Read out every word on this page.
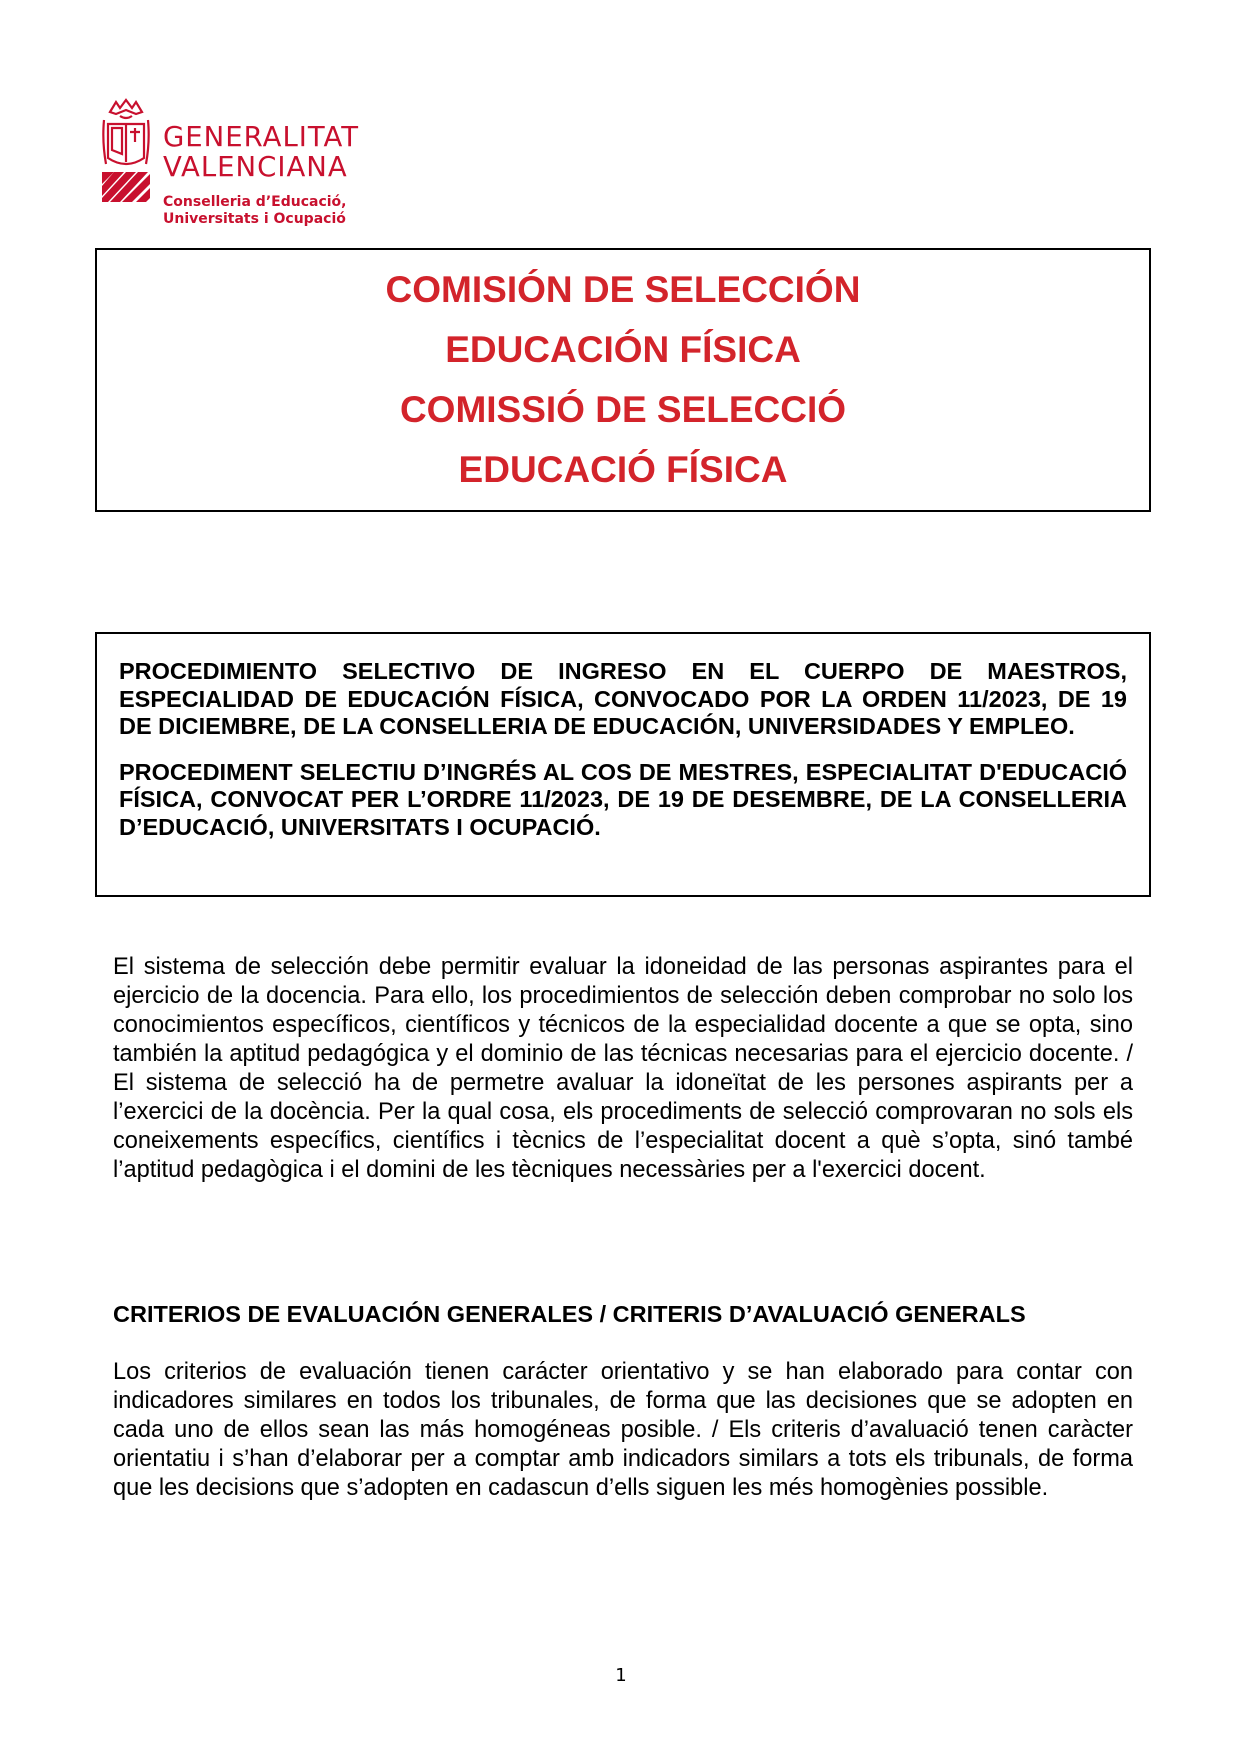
GENERALITAT
VALENCIANA
Conselleria d’Educació,
Universitats i Ocupació
COMISIÓN DE SELECCIÓN
EDUCACIÓN FÍSICA
COMISSIÓ DE SELECCIÓ
EDUCACIÓ FÍSICA

PROCEDIMIENTO SELECTIVO DE INGRESO EN EL CUERPO DE MAESTROS, ESPECIALIDAD DE EDUCACIÓN FÍSICA, CONVOCADO POR LA ORDEN 11/2023, DE 19 DE DICIEMBRE, DE LA CONSELLERIA DE EDUCACIÓN, UNIVERSIDADES Y EMPLEO.

PROCEDIMENT SELECTIU D’INGRÉS AL COS DE MESTRES, ESPECIALITAT D'EDUCACIÓ FÍSICA, CONVOCAT PER L’ORDRE 11/2023, DE 19 DE DESEMBRE, DE LA CONSELLERIA D’EDUCACIÓ, UNIVERSITATS I OCUPACIÓ.

El sistema de selección debe permitir evaluar la idoneidad de las personas aspirantes para el ejercicio de la docencia. Para ello, los procedimientos de selección deben comprobar no solo los conocimientos específicos, científicos y técnicos de la especialidad docente a que se opta, sino también la aptitud pedagógica y el dominio de las técnicas necesarias para el ejercicio docente. / El sistema de selecció ha de permetre avaluar la idoneïtat de les persones aspirants per a l’exercici de la docència. Per la qual cosa, els procediments de selecció comprovaran no sols els coneixements específics, científics i tècnics de l’especialitat docent a què s’opta, sinó també l’aptitud pedagògica i el domini de les tècniques necessàries per a l'exercici docent.

CRITERIOS DE EVALUACIÓN GENERALES / CRITERIS D’AVALUACIÓ GENERALS

Los criterios de evaluación tienen carácter orientativo y se han elaborado para contar con indicadores similares en todos los tribunales, de forma que las decisiones que se adopten en cada uno de ellos sean las más homogéneas posible. / Els criteris d’avaluació tenen caràcter orientatiu i s’han d’elaborar per a comptar amb indicadors similars a tots els tribunals, de forma que les decisions que s’adopten en cadascun d’ells siguen les més homogènies possible.

1
